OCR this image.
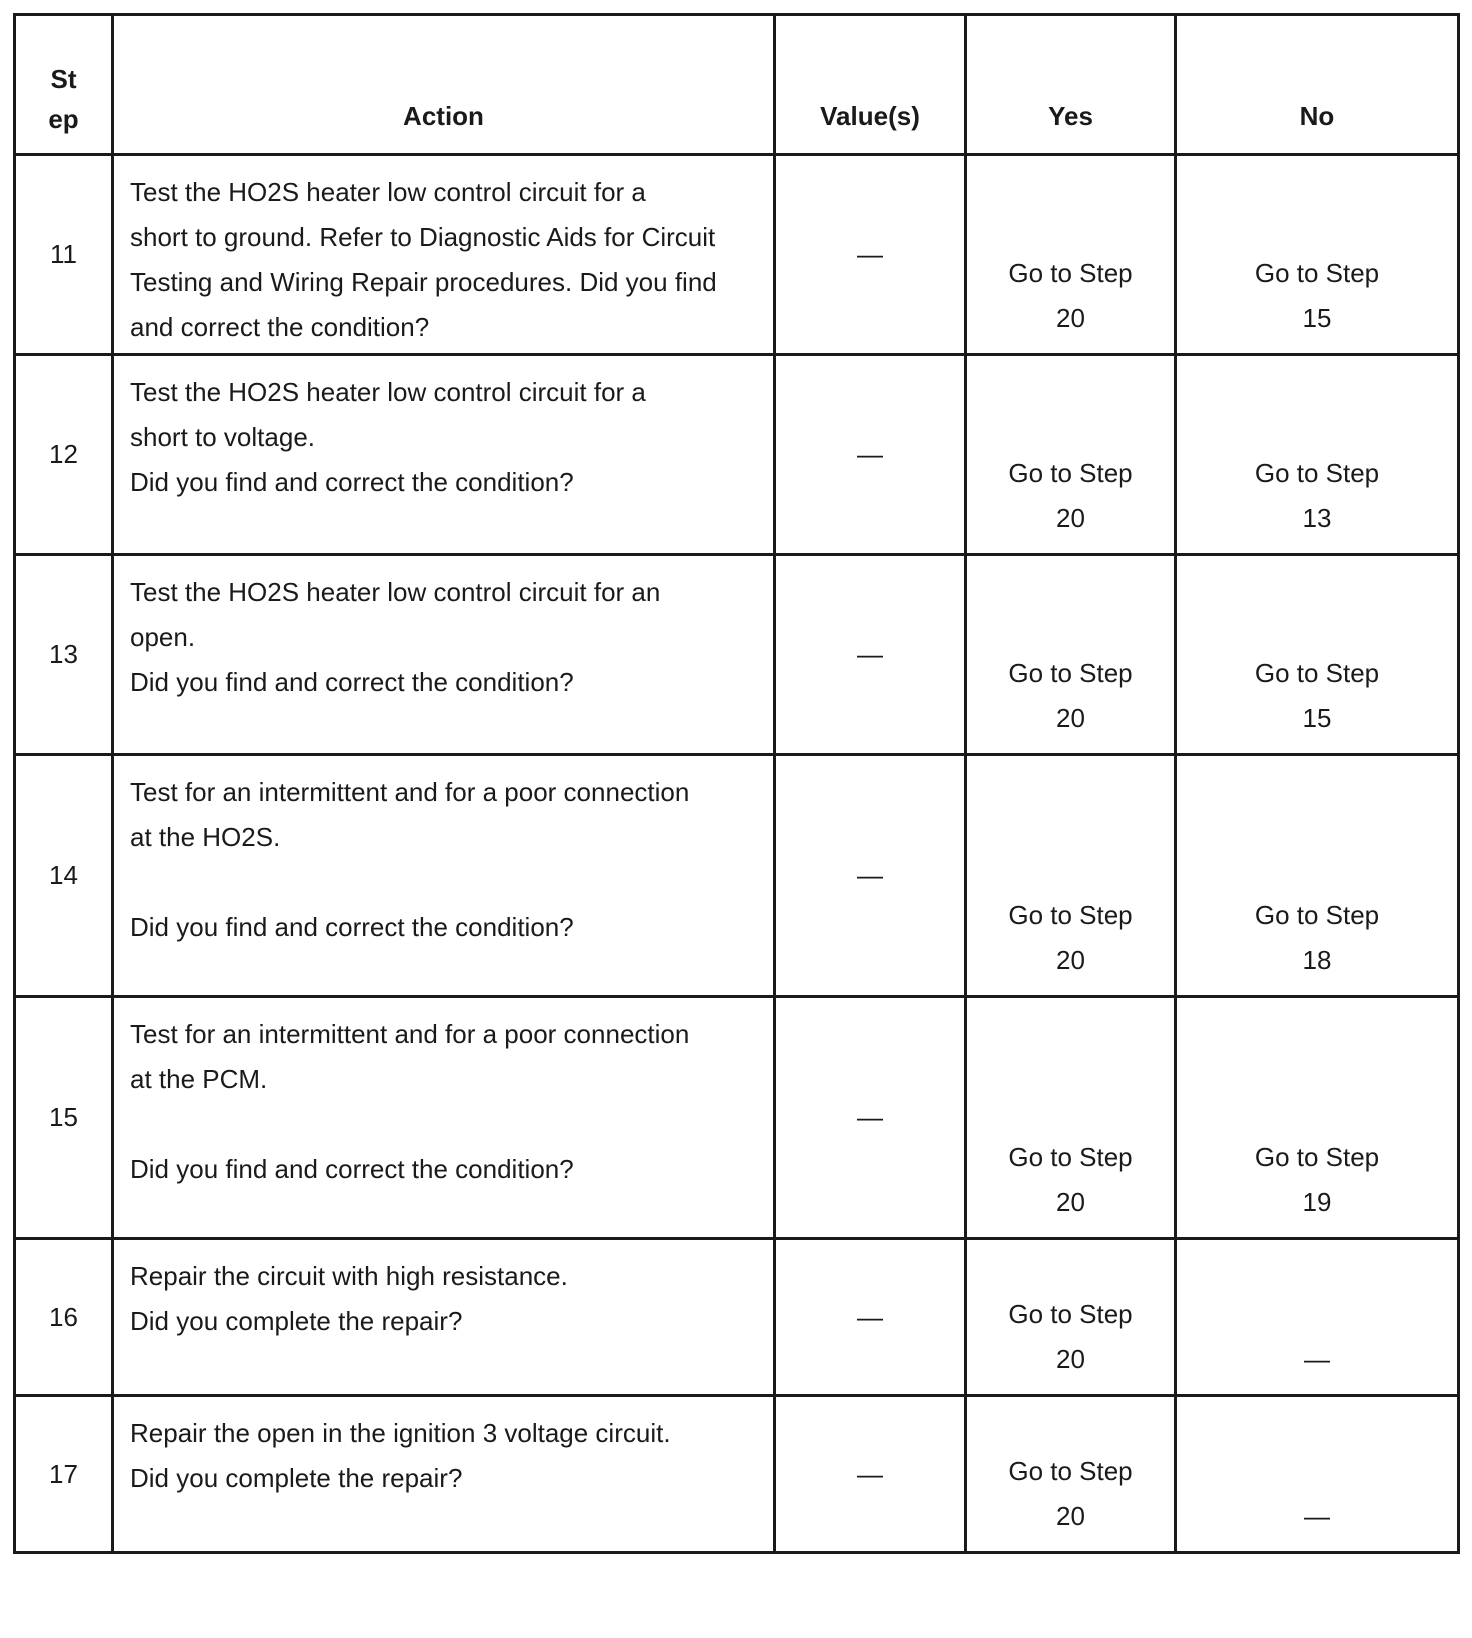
St
ep	Action	Value(s)	Yes	No
11	Test the HO2S heater low control circuit for a
short to ground. Refer to Diagnostic Aids for Circuit
Testing and Wiring Repair procedures. Did you find
and correct the condition?	—	Go to Step
20	Go to Step
15

12	Test the HO2S heater low control circuit for a
short to voltage.
Did you find and correct the condition?	—	Go to Step
20	Go to Step
13

13	Test the HO2S heater low control circuit for an
open.
Did you find and correct the condition?	—	Go to Step
20	Go to Step
15

14	Test for an intermittent and for a poor connection
at the HO2S.
Did you find and correct the condition?	—	Go to Step
20	Go to Step
18

15	Test for an intermittent and for a poor connection
at the PCM.
Did you find and correct the condition?	—	Go to Step
20	Go to Step
19

16	Repair the circuit with high resistance.
Did you complete the repair?	—	Go to Step
20	—

17	Repair the open in the ignition 3 voltage circuit.
Did you complete the repair?	—	Go to Step
20	—
